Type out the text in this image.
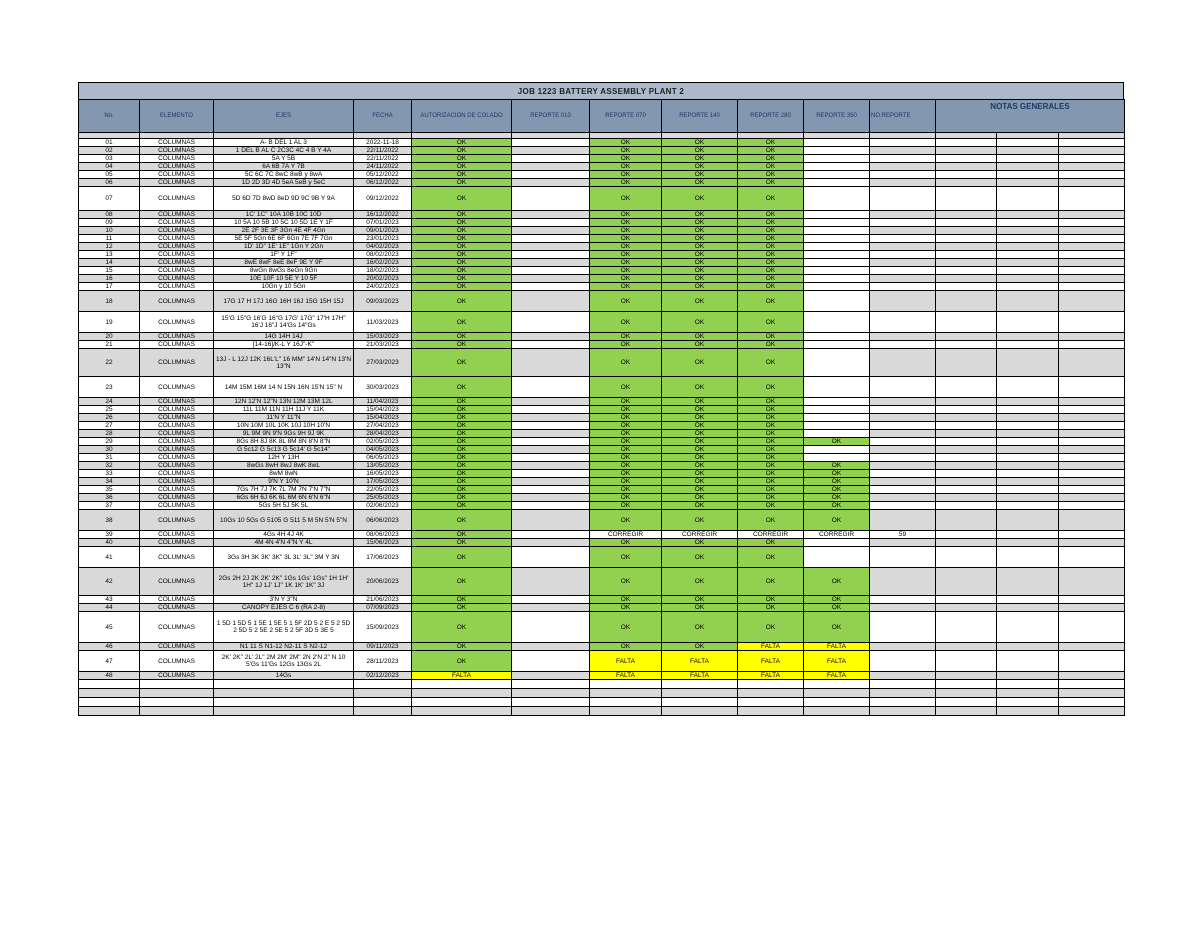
JOB 1223 BATTERY ASSEMBLY PLANT 2
No.	ELEMENTO	EJES	FECHA	AUTORIZACION DE COLADO	REPORTE 010	REPORTE 070	REPORTE 140	REPORTE 280	REPORTE 350	NO.REPORTE	NOTAS GENERALES		

01	COLUMNAS	A- B DEL 1 AL 3	2022-11-18	OK		OK	OK	OK					
02	COLUMNAS	1 DEL B AL C 2C3C 4C 4 B Y 4A	22/11/2022	OK		OK	OK	OK					
03	COLUMNAS	5A Y 5B	22/11/2022	OK		OK	OK	OK					
04	COLUMNAS	6A 6B 7A Y 7B	24/11/2022	OK		OK	OK	OK					
05	COLUMNAS	5C 6C 7C 8wC 8wB y 8wA	05/12/2022	OK		OK	OK	OK					
06	COLUMNAS	1D 2D 3D 4D 5eA 5eB y 5eC	06/12/2022	OK		OK	OK	OK					
07	COLUMNAS	5D 6D 7D 8wD 8eD 9D 9C 9B Y 9A	09/12/2022	OK		OK	OK	OK					
08	COLUMNAS	1C' 1C" 10A 10B 10C 10D	16/12/2022	OK		OK	OK	OK					
09	COLUMNAS	10 5A 10 5B 10 5C 10 5D 1E Y 1F	07/01/2023	OK		OK	OK	OK					
10	COLUMNAS	2E 2F 3E 3F 3Gn 4E 4F 4Gn	09/01/2023	OK		OK	OK	OK					
11	COLUMNAS	5E 5F 5Gn 6E 6F 6Gn 7E 7F 7Gn	23/01/2023	OK		OK	OK	OK					
12	COLUMNAS	1D' 1D" 1E' 1E" 1Gn Y 2Gn	04/02/2023	OK		OK	OK	OK					
13	COLUMNAS	1F' Y 1F"	08/02/2023	OK		OK	OK	OK					
14	COLUMNAS	8wE 8wF 8eE 8eF 9E Y 9F	16/02/2023	OK		OK	OK	OK					
15	COLUMNAS	8wGn 8wGs 8eGn 9Gn	18/02/2023	OK		OK	OK	OK					
16	COLUMNAS	10E 10F 10 5E Y 10 5F	20/02/2023	OK		OK	OK	OK					
17	COLUMNAS	10Gn y 10 5Gn	24/02/2023	OK		OK	OK	OK					
18	COLUMNAS	17G 17 H 17J 16G 16H 16J 15G 15H 15J	09/03/2023	OK		OK	OK	OK					
19	COLUMNAS	15'G 15"G 16'G 16"G 17G' 17G" 17'H 17H" 16'J 16"J 14'Gs 14"Gs	11/03/2023	OK		OK	OK	OK					
20	COLUMNAS	14G 14H 14J	15/03/2023	OK		OK	OK	OK					
21	COLUMNAS	[14-16]/K-L Y 16J"-K"	21/03/2023	OK		OK	OK	OK					
22	COLUMNAS	13J - L 12J 12K 16L'L" 16 MM" 14'N 14"N 13'N 13"N	27/03/2023	OK		OK	OK	OK					
23	COLUMNAS	14M 15M 16M 14 N 15N 16N 15'N 15" N	30/03/2023	OK		OK	OK	OK					
24	COLUMNAS	12N 12'N 12"N 13N 12M 13M 12L	11/04/2023	OK		OK	OK	OK					
25	COLUMNAS	11L 11M 11N 11H 11J Y 11K	15/04/2023	OK		OK	OK	OK					
26	COLUMNAS	11'N Y 11"N	15/04/2023	OK		OK	OK	OK					
27	COLUMNAS	10N 10M 10L 10K 10J 10H 10'N	27/04/2023	OK		OK	OK	OK					
28	COLUMNAS	9L 9M 9N 9'N 9Gs 9H 9J 9K	28/04/2023	OK		OK	OK	OK					
29	COLUMNAS	8Gs 8H 8J 8K 8L 8M 8N 8'N 8"N	02/05/2023	OK		OK	OK	OK	OK				
30	COLUMNAS	G 5c12 G 5c13 G 5c14' G 5c14"	04/05/2023	OK		OK	OK	OK					
31	COLUMNAS	12H Y 13H	06/05/2023	OK		OK	OK	OK					
32	COLUMNAS	8wGs 8wH 8wJ 8wK 8wL	13/05/2023	OK		OK	OK	OK	OK				
33	COLUMNAS	8wM 8wN	16/05/2023	OK		OK	OK	OK	OK				
34	COLUMNAS	9'N Y 10'N	17/05/2023	OK		OK	OK	OK	OK				
35	COLUMNAS	7Gs 7H 7J 7K 7L 7M 7N 7'N 7"N	22/05/2023	OK		OK	OK	OK	OK				
36	COLUMNAS	6Gs 6H 6J 6K 6L 6M 6N 6'N 6"N	25/05/2023	OK		OK	OK	OK	OK				
37	COLUMNAS	5Gs 5H 5J 5K 5L	02/06/2023	OK		OK	OK	OK	OK				
38	COLUMNAS	10Gs 10 5Gs G 5105 G 511 5 M 5N 5'N 5"N	06/06/2023	OK		OK	OK	OK	OK				
39	COLUMNAS	4Gs 4H 4J 4K	08/06/2023	OK		CORREGIR	CORREGIR	CORREGIR	CORREGIR	59			
40	COLUMNAS	4M 4N 4'N 4"N Y 4L	15/06/2023	OK		OK	OK	OK					
41	COLUMNAS	3Gs 3H 3K 3K' 3K" 3L 3L' 3L" 3M Y 3N	17/06/2023	OK		OK	OK	OK					
42	COLUMNAS	2Gs 2H 2J 2K 2K' 2K" 1Gs 1Gs' 1Gs" 1H 1H' 1H" 1J 1J' 1J" 1K 1K' 1K" 3J	20/06/2023	OK		OK	OK	OK	OK				
43	COLUMNAS	3'N Y 3"N	21/06/2023	OK		OK	OK	OK	OK				
44	COLUMNAS	CANOPY EJES C 6 (RA 2-8)	07/09/2023	OK		OK	OK	OK	OK				
45	COLUMNAS	1 5D 1 5D 5 1 5E 1 5E 5 1 5F 2D 5 2 E 5 2 5D 2 5D 5 2 5E 2 5E 5 2 5F 3D 5 3E 5	15/09/2023	OK		OK	OK	OK	OK				
46	COLUMNAS	N1 11 S N1-12 N2-11 S N2-12	09/11/2023	OK		OK	OK	FALTA	FALTA				
47	COLUMNAS	2K' 2K" 2L' 2L" 2M 2M' 2M" 2N 2'N 2" N 10 5'Gs 11'Gs 12Gs 13Gs 2L	28/11/2023	OK		FALTA	FALTA	FALTA	FALTA				
48	COLUMNAS	14Gs	02/12/2023	FALTA		FALTA	FALTA	FALTA	FALTA				
